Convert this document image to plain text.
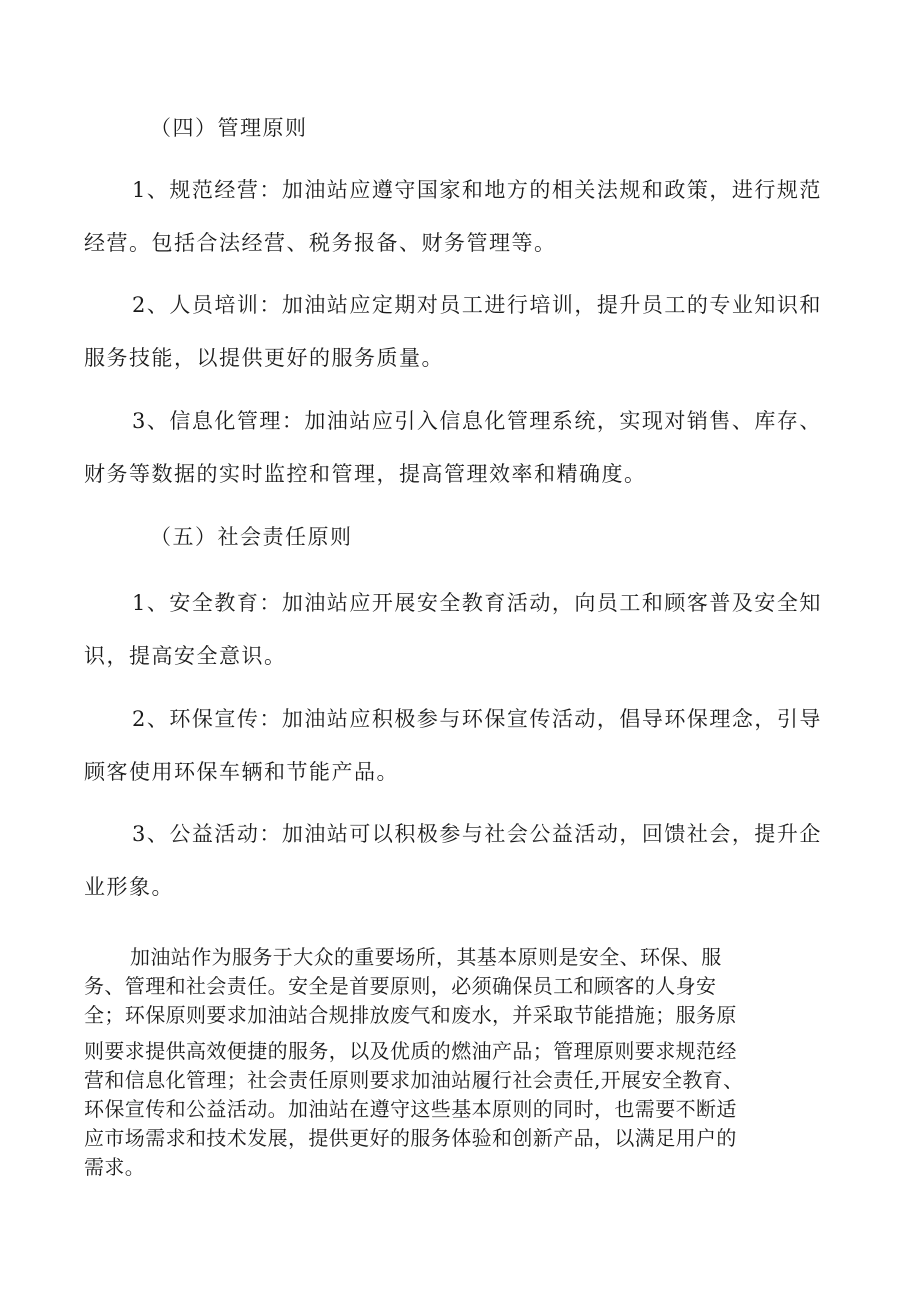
（四）管理原则
1、规范经营：加油站应遵守国家和地方的相关法规和政策，进行规范
经营。包括合法经营、税务报备、财务管理等。
2、人员培训：加油站应定期对员工进行培训，提升员工的专业知识和
服务技能，以提供更好的服务质量。
3、信息化管理：加油站应引入信息化管理系统，实现对销售、库存、
财务等数据的实时监控和管理，提高管理效率和精确度。
（五）社会责任原则
1、安全教育：加油站应开展安全教育活动，向员工和顾客普及安全知
识，提高安全意识。
2、环保宣传：加油站应积极参与环保宣传活动，倡导环保理念，引导
顾客使用环保车辆和节能产品。
3、公益活动：加油站可以积极参与社会公益活动，回馈社会，提升企
业形象。
加油站作为服务于大众的重要场所，其基本原则是安全、环保、服
务、管理和社会责任。安全是首要原则，必须确保员工和顾客的人身安
全；环保原则要求加油站合规排放废气和废水，并采取节能措施；服务原
则要求提供高效便捷的服务，以及优质的燃油产品；管理原则要求规范经
营和信息化管理；社会责任原则要求加油站履行社会责任,开展安全教育、
环保宣传和公益活动。加油站在遵守这些基本原则的同时，也需要不断适
应市场需求和技术发展，提供更好的服务体验和创新产品，以满足用户的
需求。
